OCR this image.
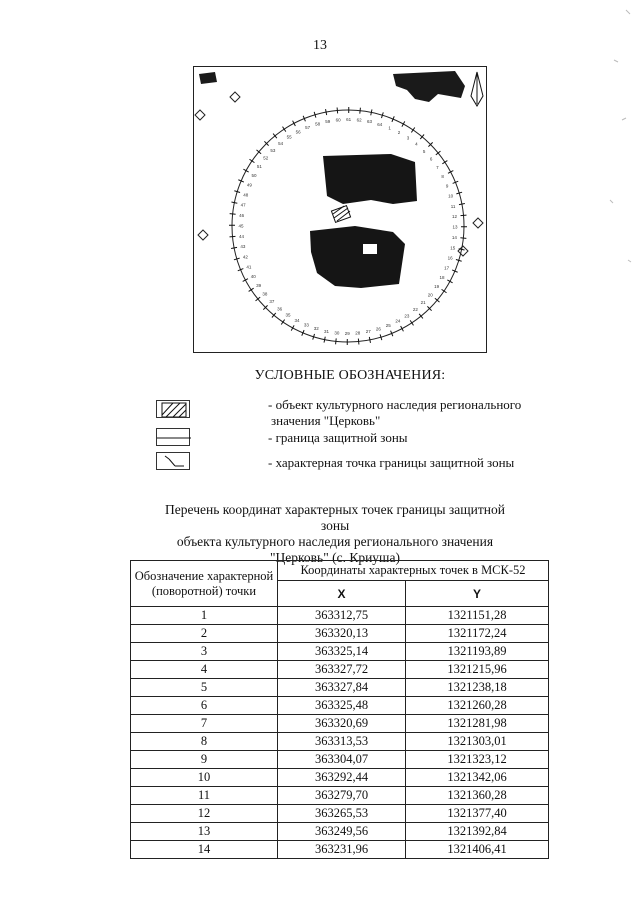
13
1
2
3
4
5
6
7
8
9
10
11
12
13
14
15
16
17
18
19
20
21
22
23
24
25
26
27
28
29
30
31
32
33
34
35
36
37
38
39
40
41
42
43
44
45
46
47
48
49
50
51
52
53
54
55
56
57
58 59 60 61 62 63
64
УСЛОВНЫЕ ОБОЗНАЧЕНИЯ:
- объект культурного наследия регионального
значения "Церковь"
- граница защитной зоны
- характерная точка границы защитной зоны
Перечень координат характерных точек границы защитной зоны
объекта культурного наследия регионального значения
"Церковь" (с. Криуша)
Обозначение характерной (поворотной) точки	Координаты характерных точек в МСК-52	
	X	Y
1	363312,75	1321151,28
2	363320,13	1321172,24
3	363325,14	1321193,89
4	363327,72	1321215,96
5	363327,84	1321238,18
6	363325,48	1321260,28
7	363320,69	1321281,98
8	363313,53	1321303,01
9	363304,07	1321323,12
10	363292,44	1321342,06
11	363279,70	1321360,28
12	363265,53	1321377,40
13	363249,56	1321392,84
14	363231,96	1321406,41
